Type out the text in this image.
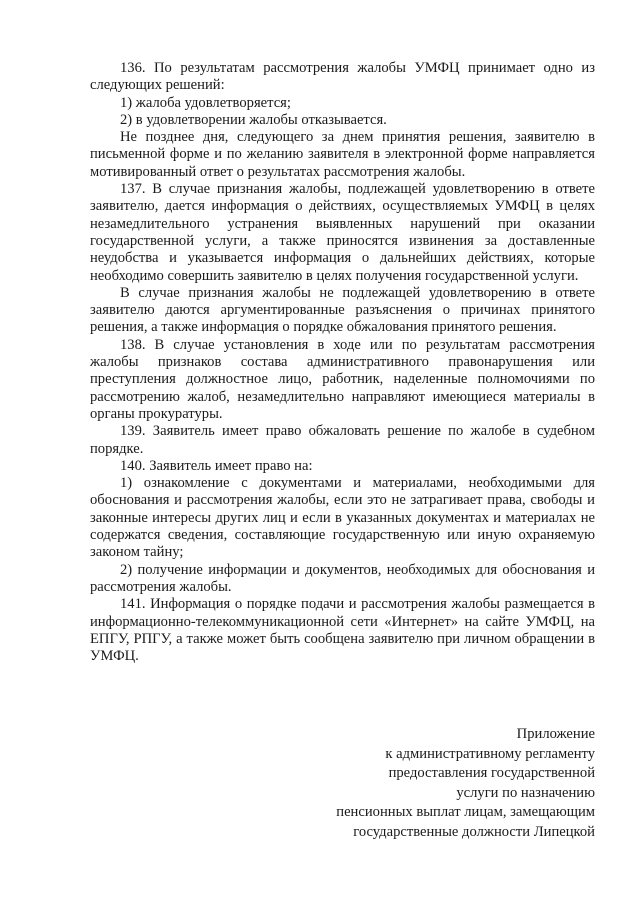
136. По результатам рассмотрения жалобы УМФЦ принимает одно из следующих решений:

1) жалоба удовлетворяется;

2) в удовлетворении жалобы отказывается.

Не позднее дня, следующего за днем принятия решения, заявителю в письменной форме и по желанию заявителя в электронной форме направляется мотивированный ответ о результатах рассмотрения жалобы.

137. В случае признания жалобы, подлежащей удовлетворению в ответе заявителю, дается информация о действиях, осуществляемых УМФЦ в целях незамедлительного устранения выявленных нарушений при оказании государственной услуги, а также приносятся извинения за доставленные неудобства и указывается информация о дальнейших действиях, которые необходимо совершить заявителю в целях получения государственной услуги.

В случае признания жалобы не подлежащей удовлетворению в ответе заявителю даются аргументированные разъяснения о причинах принятого решения, а также информация о порядке обжалования принятого решения.

138. В случае установления в ходе или по результатам рассмотрения жалобы признаков состава административного правонарушения или преступления должностное лицо, работник, наделенные полномочиями по рассмотрению жалоб, незамедлительно направляют имеющиеся материалы в органы прокуратуры.

139. Заявитель имеет право обжаловать решение по жалобе в судебном порядке.

140. Заявитель имеет право на:

1) ознакомление с документами и материалами, необходимыми для обоснования и рассмотрения жалобы, если это не затрагивает права, свободы и законные интересы других лиц и если в указанных документах и материалах не содержатся сведения, составляющие государственную или иную охраняемую законом тайну;

2) получение информации и документов, необходимых для обоснования и рассмотрения жалобы.

141. Информация о порядке подачи и рассмотрения жалобы размещается в информационно-телекоммуникационной сети «Интернет» на сайте УМФЦ, на ЕПГУ, РПГУ, а также может быть сообщена заявителю при личном обращении в УМФЦ.

Приложение
к административному регламенту
предоставления государственной
услуги по назначению
пенсионных выплат лицам, замещающим
государственные должности Липецкой
